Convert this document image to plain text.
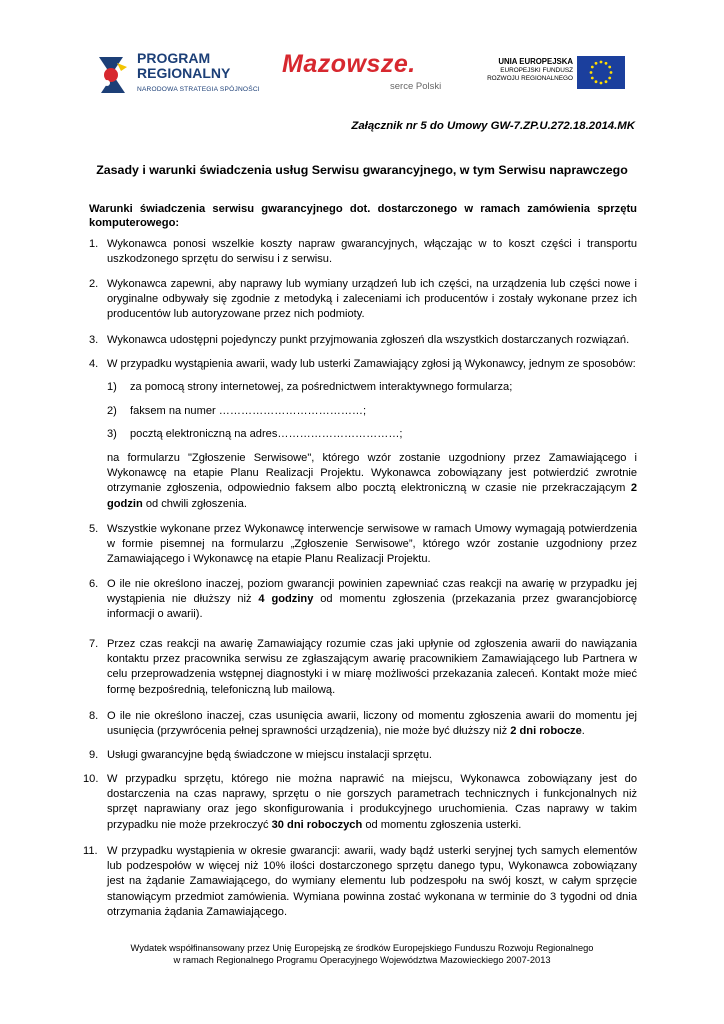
PROGRAM
REGIONALNY
NARODOWA STRATEGIA SPÓJNOŚCI
Mazowsze.
serce Polski
UNIA EUROPEJSKA
EUROPEJSKI FUNDUSZ
ROZWOJU REGIONALNEGO
Załącznik nr 5 do Umowy GW-7.ZP.U.272.18.2014.MK
Zasady i warunki świadczenia usług Serwisu gwarancyjnego, w tym Serwisu naprawczego
Warunki świadczenia serwisu gwarancyjnego dot. dostarczonego w ramach zamówienia sprzętu komputerowego:
1. Wykonawca ponosi wszelkie koszty napraw gwarancyjnych, włączając w to koszt części i transportu uszkodzonego sprzętu do serwisu i z serwisu.
2. Wykonawca zapewni, aby naprawy lub wymiany urządzeń lub ich części, na urządzenia lub części nowe i oryginalne odbywały się zgodnie z metodyką i zaleceniami ich producentów i zostały wykonane przez ich producentów lub autoryzowane przez nich podmioty.
3. Wykonawca udostępni pojedynczy punkt przyjmowania zgłoszeń dla wszystkich dostarczanych rozwiązań.
4. W przypadku wystąpienia awarii, wady lub usterki Zamawiający zgłosi ją Wykonawcy, jednym ze sposobów:
1) za pomocą strony internetowej, za pośrednictwem interaktywnego formularza;
2) faksem na numer …………………………………;
3) pocztą elektroniczną na adres……………………………;
na formularzu "Zgłoszenie Serwisowe", którego wzór zostanie uzgodniony przez Zamawiającego i Wykonawcę na etapie Planu Realizacji Projektu. Wykonawca zobowiązany jest potwierdzić zwrotnie otrzymanie zgłoszenia, odpowiednio faksem albo pocztą elektroniczną w czasie nie przekraczającym 2 godzin od chwili zgłoszenia.
5. Wszystkie wykonane przez Wykonawcę interwencje serwisowe w ramach Umowy wymagają potwierdzenia w formie pisemnej na formularzu „Zgłoszenie Serwisowe”, którego wzór zostanie uzgodniony przez Zamawiającego i Wykonawcę na etapie Planu Realizacji Projektu.
6. O ile nie określono inaczej, poziom gwarancji powinien zapewniać czas reakcji na awarię w przypadku jej wystąpienia nie dłuższy niż 4 godziny od momentu zgłoszenia (przekazania przez gwarancjobiorcę informacji o awarii).
7. Przez czas reakcji na awarię Zamawiający rozumie czas jaki upłynie od zgłoszenia awarii do nawiązania kontaktu przez pracownika serwisu ze zgłaszającym awarię pracownikiem Zamawiającego lub Partnera w celu przeprowadzenia wstępnej diagnostyki i w miarę możliwości przekazania zaleceń. Kontakt może mieć formę bezpośrednią, telefoniczną lub mailową.
8. O ile nie określono inaczej, czas usunięcia awarii, liczony od momentu zgłoszenia awarii do momentu jej usunięcia (przywrócenia pełnej sprawności urządzenia), nie może być dłuższy niż 2 dni robocze.
9. Usługi gwarancyjne będą świadczone w miejscu instalacji sprzętu.
10. W przypadku sprzętu, którego nie można naprawić na miejscu, Wykonawca zobowiązany jest do dostarczenia na czas naprawy, sprzętu o nie gorszych parametrach technicznych i funkcjonalnych niż sprzęt naprawiany oraz jego skonfigurowania i produkcyjnego uruchomienia. Czas naprawy w takim przypadku nie może przekroczyć 30 dni roboczych od momentu zgłoszenia usterki.
11. W przypadku wystąpienia w okresie gwarancji: awarii, wady bądź usterki seryjnej tych samych elementów lub podzespołów w więcej niż 10% ilości dostarczonego sprzętu danego typu, Wykonawca zobowiązany jest na żądanie Zamawiającego, do wymiany elementu lub podzespołu na swój koszt, w całym sprzęcie stanowiącym przedmiot zamówienia. Wymiana powinna zostać wykonana w terminie do 3 tygodni od dnia otrzymania żądania Zamawiającego.
Wydatek współfinansowany przez Unię Europejską ze środków Europejskiego Funduszu Rozwoju Regionalnego
w ramach Regionalnego Programu Operacyjnego Województwa Mazowieckiego 2007-2013
